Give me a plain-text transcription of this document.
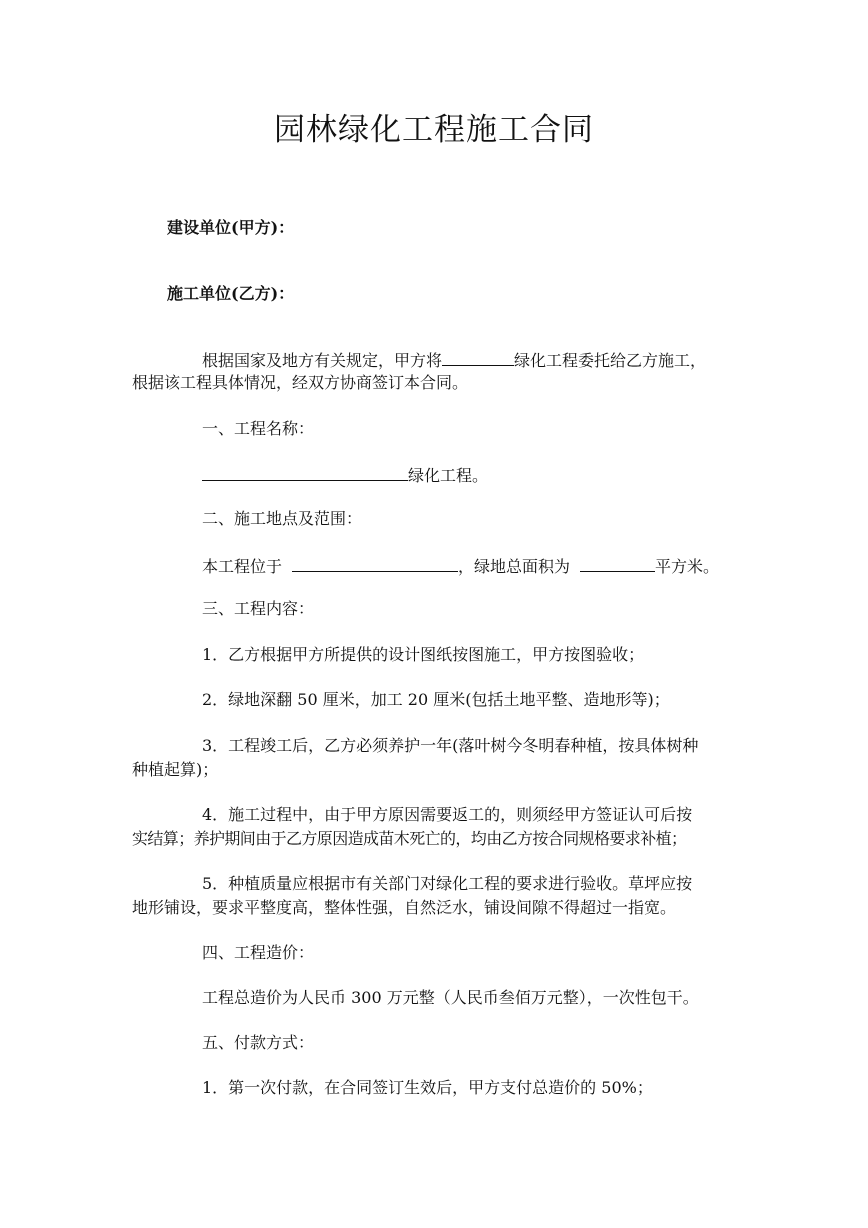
园林绿化工程施工合同
建设单位(甲方)：
施工单位(乙方)：
根据国家及地方有关规定，甲方将	绿化工程委托给乙方施工，
根据该工程具体情况，经双方协商签订本合同。
一、工程名称：
绿化工程。
二、施工地点及范围：
本工程位于	，绿地总面积为	平方米。
三、工程内容：
1．乙方根据甲方所提供的设计图纸按图施工，甲方按图验收；
2．绿地深翻 50 厘米，加工 20 厘米(包括土地平整、造地形等)；
3．工程竣工后，乙方必须养护一年(落叶树今冬明春种植，按具体树种
种植起算)；
4．施工过程中，由于甲方原因需要返工的，则须经甲方签证认可后按
实结算；养护期间由于乙方原因造成苗木死亡的，均由乙方按合同规格要求补植；
5．种植质量应根据市有关部门对绿化工程的要求进行验收。草坪应按
地形铺设，要求平整度高，整体性强，自然泛水，铺设间隙不得超过一指宽。
四、工程造价：
工程总造价为人民币 300 万元整（人民币叁佰万元整），一次性包干。
五、付款方式：
1．第一次付款，在合同签订生效后，甲方支付总造价的 50%；
